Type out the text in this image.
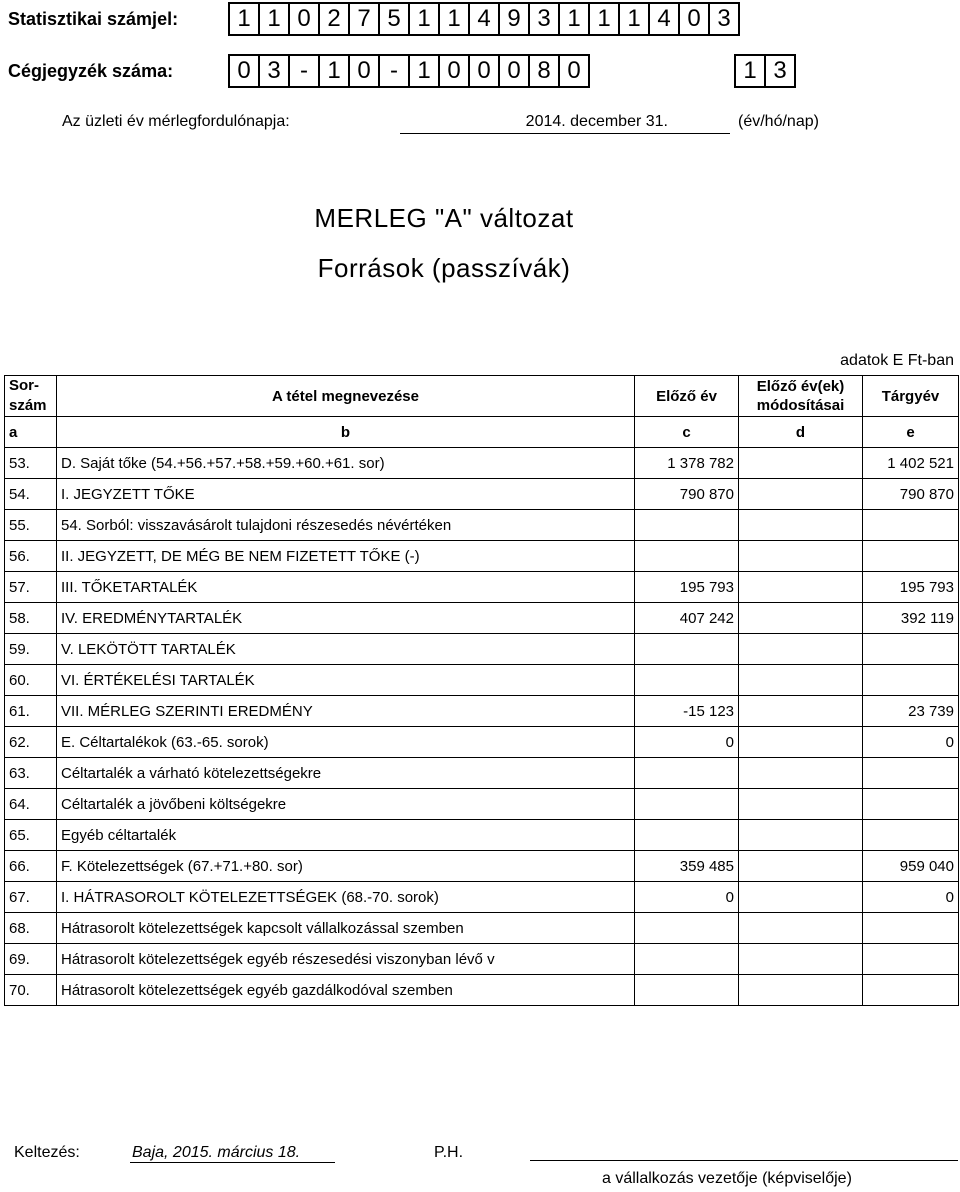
Statisztikai számjel:	1 1 0 2 7 5 1 1 4 9 3 1 1 1 4 0 3
Cégjegyzék száma:	0 3 - 1 0 - 1 0 0 0 8 0	1 3
Az üzleti év mérlegfordulónapja:	2014. december 31.	(év/hó/nap)
MERLEG "A" változat
Források (passzívák)
adatok E Ft-ban
Sor-szám	A tétel megnevezése	Előző év	Előző év(ek) módosításai	Tárgyév
a	b	c	d	e
53.	D. Saját tőke (54.+56.+57.+58.+59.+60.+61. sor)	1 378 782		1 402 521
54.	I. JEGYZETT TŐKE	790 870		790 870
55.	54. Sorból: visszavásárolt tulajdoni részesedés névértéken			
56.	II. JEGYZETT, DE MÉG BE NEM FIZETETT TŐKE (-)			
57.	III. TŐKETARTALÉK	195 793		195 793
58.	IV. EREDMÉNYTARTALÉK	407 242		392 119
59.	V. LEKÖTÖTT TARTALÉK			
60.	VI. ÉRTÉKELÉSI TARTALÉK			
61.	VII. MÉRLEG SZERINTI EREDMÉNY	-15 123		23 739
62.	E. Céltartalékok (63.-65. sorok)	0		0
63.	Céltartalék a várható kötelezettségekre			
64.	Céltartalék a jövőbeni költségekre			
65.	Egyéb céltartalék			
66.	F. Kötelezettségek (67.+71.+80. sor)	359 485		959 040
67.	I. HÁTRASOROLT KÖTELEZETTSÉGEK (68.-70. sorok)	0		0
68.	Hátrasorolt kötelezettségek kapcsolt vállalkozással szemben			
69.	Hátrasorolt kötelezettségek egyéb részesedési viszonyban lévő v			
70.	Hátrasorolt kötelezettségek egyéb gazdálkodóval szemben			
Keltezés:	Baja, 2015. március 18.	P.H.
a vállalkozás vezetője (képviselője)
